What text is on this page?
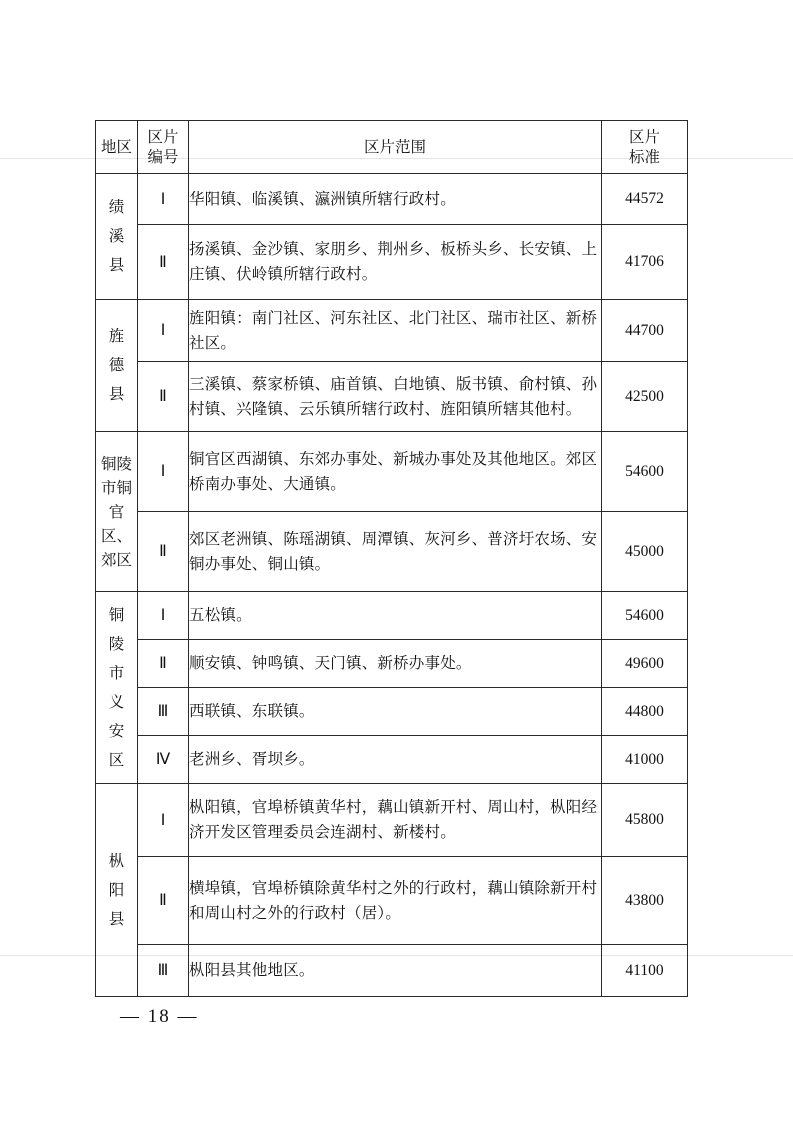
地区	区片编号	区片范围	区片标准

绩溪县	Ⅰ	华阳镇、临溪镇、瀛洲镇所辖行政村。	44572
	Ⅱ	扬溪镇、金沙镇、家朋乡、荆州乡、板桥头乡、长安镇、上庄镇、伏岭镇所辖行政村。	41706

旌德县	Ⅰ	旌阳镇：南门社区、河东社区、北门社区、瑞市社区、新桥社区。	44700
	Ⅱ	三溪镇、蔡家桥镇、庙首镇、白地镇、版书镇、俞村镇、孙村镇、兴隆镇、云乐镇所辖行政村、旌阳镇所辖其他村。	42500

铜陵市铜官区、郊区	Ⅰ	铜官区西湖镇、东郊办事处、新城办事处及其他地区。郊区桥南办事处、大通镇。	54600
	Ⅱ	郊区老洲镇、陈瑶湖镇、周潭镇、灰河乡、普济圩农场、安铜办事处、铜山镇。	45000

铜陵市义安区	Ⅰ	五松镇。	54600
	Ⅱ	顺安镇、钟鸣镇、天门镇、新桥办事处。	49600
	Ⅲ	西联镇、东联镇。	44800
	Ⅳ	老洲乡、胥坝乡。	41000

枞阳县	Ⅰ	枞阳镇，官埠桥镇黄华村，藕山镇新开村、周山村，枞阳经济开发区管理委员会连湖村、新楼村。	45800
	Ⅱ	横埠镇，官埠桥镇除黄华村之外的行政村，藕山镇除新开村和周山村之外的行政村（居）。	43800
	Ⅲ	枞阳县其他地区。	41100
— 18 —
